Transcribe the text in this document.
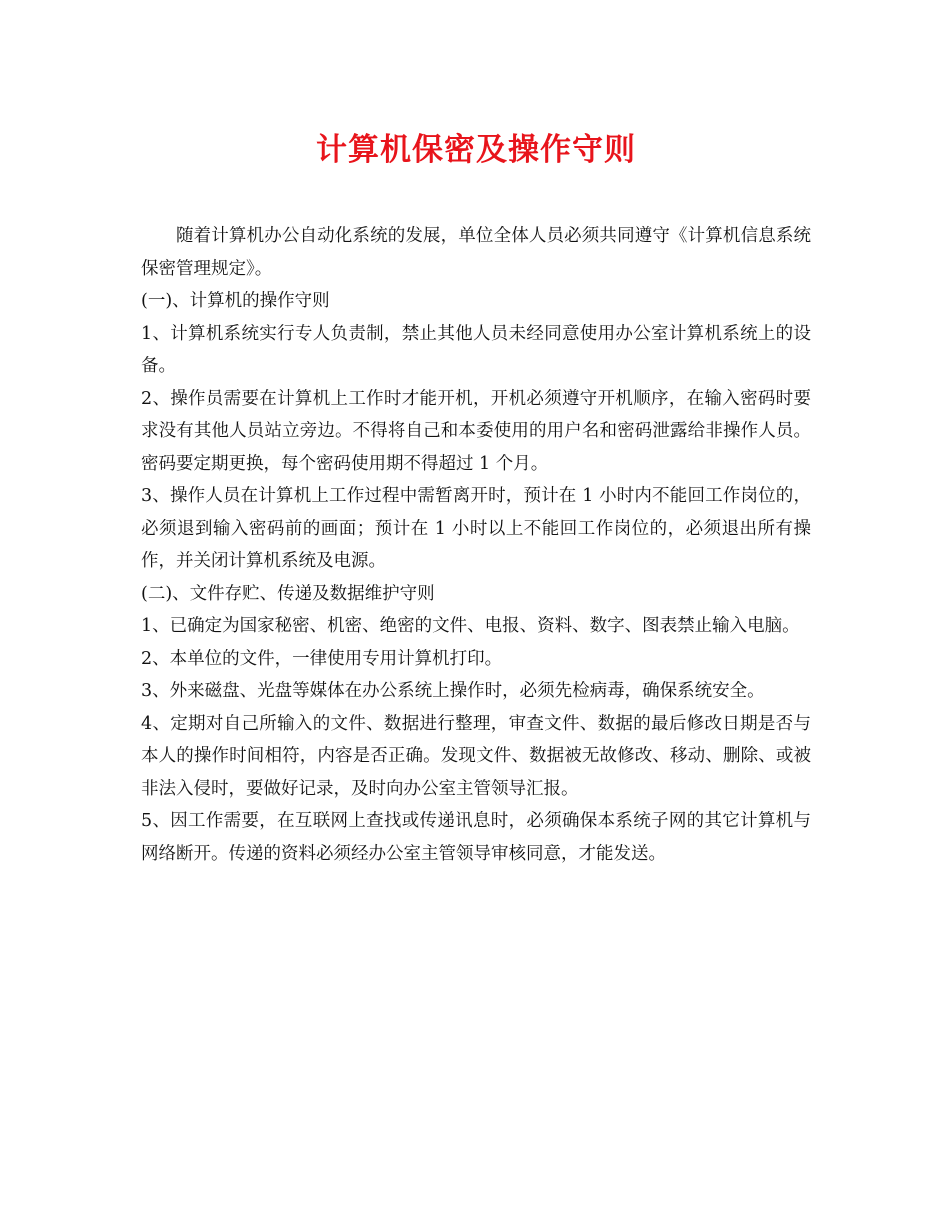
计算机保密及操作守则

随着计算机办公自动化系统的发展，单位全体人员必须共同遵守《计算机信息系统保密管理规定》。

(一)、计算机的操作守则

1、计算机系统实行专人负责制，禁止其他人员未经同意使用办公室计算机系统上的设备。

2、操作员需要在计算机上工作时才能开机，开机必须遵守开机顺序，在输入密码时要求没有其他人员站立旁边。不得将自己和本委使用的用户名和密码泄露给非操作人员。密码要定期更换，每个密码使用期不得超过 1 个月。

3、操作人员在计算机上工作过程中需暂离开时，预计在 1 小时内不能回工作岗位的，必须退到输入密码前的画面；预计在 1 小时以上不能回工作岗位的，必须退出所有操作，并关闭计算机系统及电源。

(二)、文件存贮、传递及数据维护守则

1、已确定为国家秘密、机密、绝密的文件、电报、资料、数字、图表禁止输入电脑。

2、本单位的文件，一律使用专用计算机打印。

3、外来磁盘、光盘等媒体在办公系统上操作时，必须先检病毒，确保系统安全。

4、定期对自己所输入的文件、数据进行整理，审查文件、数据的最后修改日期是否与本人的操作时间相符，内容是否正确。发现文件、数据被无故修改、移动、删除、或被非法入侵时，要做好记录，及时向办公室主管领导汇报。

5、因工作需要，在互联网上查找或传递讯息时，必须确保本系统子网的其它计算机与网络断开。传递的资料必须经办公室主管领导审核同意，才能发送。
